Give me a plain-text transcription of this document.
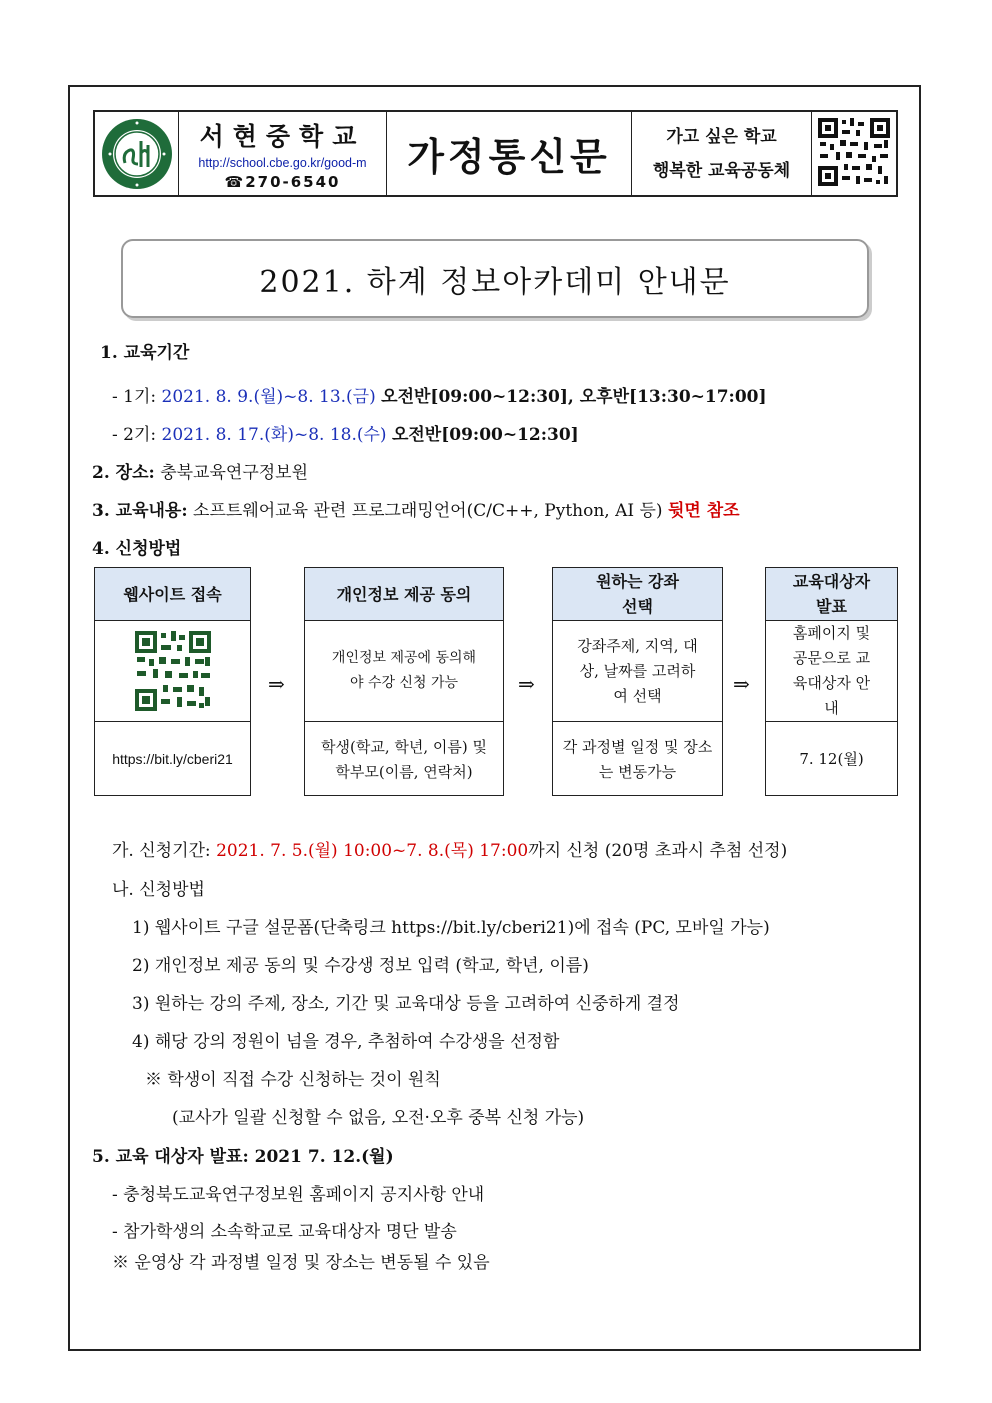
서현중학교
http://school.cbe.go.kr/good-m
☎270-6540
가정통신문	가고 싶은 학교
행복한 교육공동체
2021. 하계 정보아카데미 안내문
1. 교육기간
- 1기: 2021. 8. 9.(월)~8. 13.(금) 오전반[09:00~12:30], 오후반[13:30~17:00]
- 2기: 2021. 8. 17.(화)~8. 18.(수) 오전반[09:00~12:30]
2. 장소: 충북교육연구정보원
3. 교육내용: 소프트웨어교육 관련 프로그래밍언어(C/C++, Python, AI 등) 뒷면 참조
4. 신청방법
웹사이트 접속
https://bit.ly/cberi21
⇒
개인정보 제공 동의
개인정보 제공에 동의해야 수강 신청 가능
학생(학교, 학년, 이름) 및 학부모(이름, 연락처)
⇒
원하는 강좌 선택
강좌주제, 지역, 대상, 날짜를 고려하여 선택
각 과정별 일정 및 장소는 변동가능
⇒
교육대상자 발표
홈페이지 및 공문으로 교육대상자 안내
7. 12(월)
가. 신청기간: 2021. 7. 5.(월) 10:00~7. 8.(목) 17:00까지 신청 (20명 초과시 추첨 선정)
나. 신청방법
1) 웹사이트 구글 설문폼(단축링크 https://bit.ly/cberi21)에 접속 (PC, 모바일 가능)
2) 개인정보 제공 동의 및 수강생 정보 입력 (학교, 학년, 이름)
3) 원하는 강의 주제, 장소, 기간 및 교육대상 등을 고려하여 신중하게 결정
4) 해당 강의 정원이 넘을 경우, 추첨하여 수강생을 선정함
※ 학생이 직접 수강 신청하는 것이 원칙
(교사가 일괄 신청할 수 없음, 오전·오후 중복 신청 가능)
5. 교육 대상자 발표: 2021 7. 12.(월)
- 충청북도교육연구정보원 홈페이지 공지사항 안내
- 참가학생의 소속학교로 교육대상자 명단 발송
※ 운영상 각 과정별 일정 및 장소는 변동될 수 있음
